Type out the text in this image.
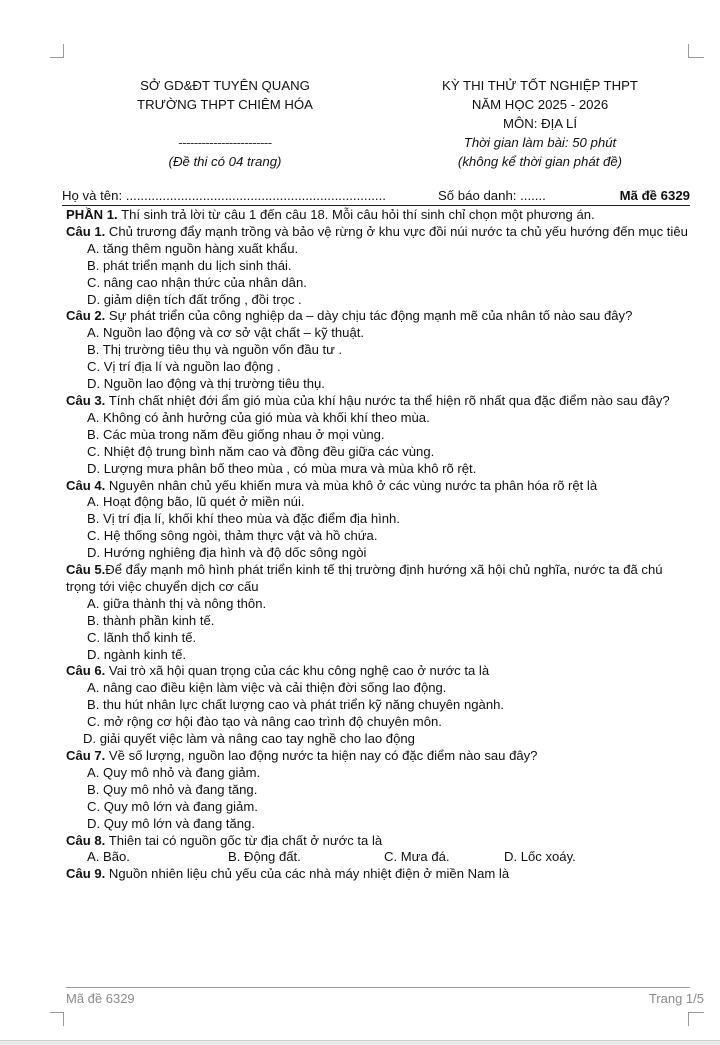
SỞ GD&ĐT TUYÊN QUANG
TRƯỜNG THPT CHIÊM HÓA
------------------------
(Đề thi có 04 trang)
KỲ THI THỬ TỐT NGHIỆP THPT
NĂM HỌC 2025 - 2026
MÔN: ĐỊA LÍ
Thời gian làm bài: 50 phút
(không kể thời gian phát đề)
Họ và tên: .......................................................................	Số báo danh: .......	Mã đề 6329

PHẦN 1. Thí sinh trả lời từ câu 1 đến câu 18. Mỗi câu hỏi thí sinh chỉ chọn một phương án.

Câu 1. Chủ trương đẩy mạnh trồng và bảo vệ rừng ở khu vực đồi núi nước ta chủ yếu hướng đến mục tiêu

A. tăng thêm nguồn hàng xuất khẩu.

B. phát triển mạnh du lịch sinh thái.

C. nâng cao nhận thức của nhân dân.

D. giảm diện tích đất trống , đồi trọc .

Câu 2. Sự phát triển của công nghiệp da – dày chịu tác động mạnh mẽ của nhân tố nào sau đây?

A. Nguồn lao động và cơ sở vật chất – kỹ thuật.

B. Thị trường tiêu thụ và nguồn vốn đầu tư .

C. Vị trí địa lí và nguồn lao động .

D. Nguồn lao động và thị trường tiêu thụ.

Câu 3. Tính chất nhiệt đới ẩm gió mùa của khí hậu nước ta thể hiện rõ nhất qua đặc điểm nào sau đây?

A. Không có ảnh hưởng của gió mùa và khối khí theo mùa.

B. Các mùa trong năm đều giống nhau ở mọi vùng.

C. Nhiệt độ trung bình năm cao và đồng đều giữa các vùng.

D. Lượng mưa phân bố theo mùa , có mùa mưa và mùa khô rõ rệt.

Câu 4. Nguyên nhân chủ yếu khiến mưa và mùa khô ở các vùng nước ta phân hóa rõ rệt là

A. Hoạt động bão, lũ quét ở miền núi.

B. Vị trí địa lí, khối khí theo mùa và đặc điểm địa hình.

C. Hệ thống sông ngòi, thảm thực vật và hồ chứa.

D. Hướng nghiêng địa hình và độ dốc sông ngòi

Câu 5.Để đẩy mạnh mô hình phát triển kinh tế thị trường định hướng xã hội chủ nghĩa, nước ta đã chú trọng tới việc chuyển dịch cơ cấu

A. giữa thành thị và nông thôn.

B. thành phần kinh tế.

C. lãnh thổ kinh tế.

D. ngành kinh tế.

Câu 6. Vai trò xã hội quan trọng của các khu công nghệ cao ở nước ta là

A. nâng cao điều kiện làm việc và cải thiện đời sống lao động.

B. thu hút nhân lực chất lượng cao và phát triển kỹ năng chuyên ngành.

C. mở rộng cơ hội đào tạo và nâng cao trình độ chuyên môn.

D. giải quyết việc làm và nâng cao tay nghề cho lao động

Câu 7. Về số lượng, nguồn lao động nước ta hiện nay có đặc điểm nào sau đây?

A. Quy mô nhỏ và đang giảm.

B. Quy mô nhỏ và đang tăng.

C. Quy mô lớn và đang giảm.

D. Quy mô lớn và đang tăng.

Câu 8. Thiên tai có nguồn gốc từ địa chất ở nước ta là

A. Bão.	B. Động đất.	C. Mưa đá.	D. Lốc xoáy.

Câu 9. Nguồn nhiên liệu chủ yếu của các nhà máy nhiệt điện ở miền Nam là

Mã đề 6329	Trang 1/5
